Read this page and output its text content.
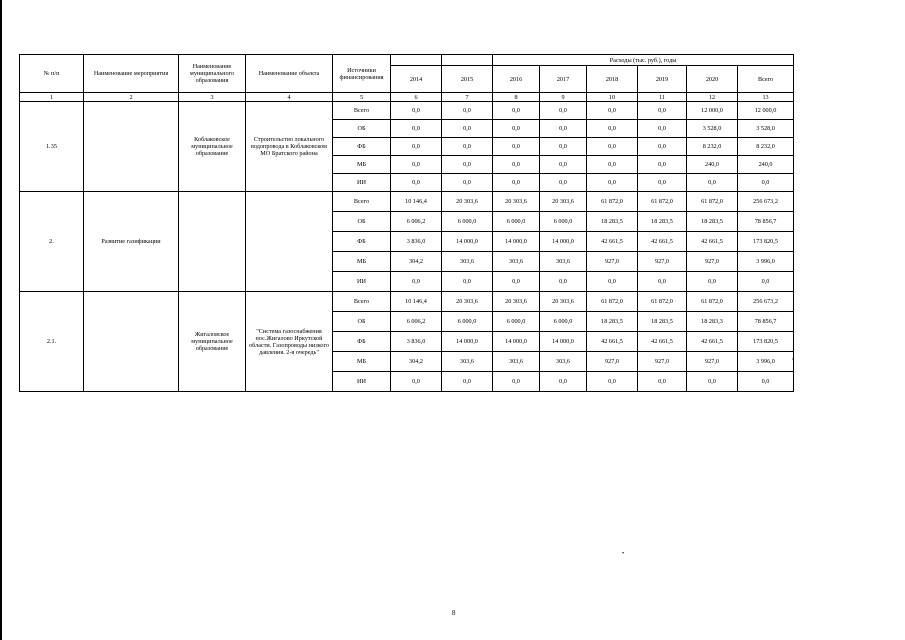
№ п/п	Наименование мероприятия	Наименование муниципального образования	Наименование объекта	Источники финансирования			Расходы (тыс. руб.), годы					
					2014	2015	2016	2017	2018	2019	2020	Всего
1	2	3	4	5	6	7	8	9	10	11	12	13
1.35		Коблаковское муниципальное образование	Строительство локального водопровода в Коблаковском МО Братского района	Всего	0,0	0,0	0,0	0,0	0,0	0,0	12 000,0	12 000,0
				ОБ	0,0	0,0	0,0	0,0	0,0	0,0	3 528,0	3 528,0
				ФБ	0,0	0,0	0,0	0,0	0,0	0,0	8 232,0	8 232,0
				МБ	0,0	0,0	0,0	0,0	0,0	0,0	240,0	240,0
				ИИ	0,0	0,0	0,0	0,0	0,0	0,0	0,0	0,0
2.	Развитие газификации			Всего	10 146,4	20 303,6	20 303,6	20 303,6	61 872,0	61 872,0	61 872,0	256 673,2
				ОБ	6 006,2	6 000,0	6 000,0	6 000,0	18 283,5	18 283,5	18 283,5	78 856,7
				ФБ	3 836,0	14 000,0	14 000,0	14 000,0	42 661,5	42 661,5	42 661,5	173 820,5
				МБ	304,2	303,6	303,6	303,6	927,0	927,0	927,0	3 996,0
				ИИ	0,0	0,0	0,0	0,0	0,0	0,0	0,0	0,0
2.1.		Жигаловское муниципальное образование	"Система газоснабжения пос.Жигалово Иркутской области. Газопроводы низкого давления. 2-я очередь"	Всего	10 146,4	20 303,6	20 303,6	20 303,6	61 872,0	61 872,0	61 872,0	256 673,2
				ОБ	6 006,2	6 000,0	6 000,0	6 000,0	18 283,5	18 283,5	18 283,3	78 856,7
				ФБ	3 836,0	14 000,0	14 000,0	14 000,0	42 661,5	42 661,5	42 661,5	173 820,5
				МБ	304,2	303,6	303,6	303,6	927,0	927,0	927,0	3 996,0
				ИИ	0,0	0,0	0,0	0,0	0,0	0,0	0,0	0,0
»
•
8
